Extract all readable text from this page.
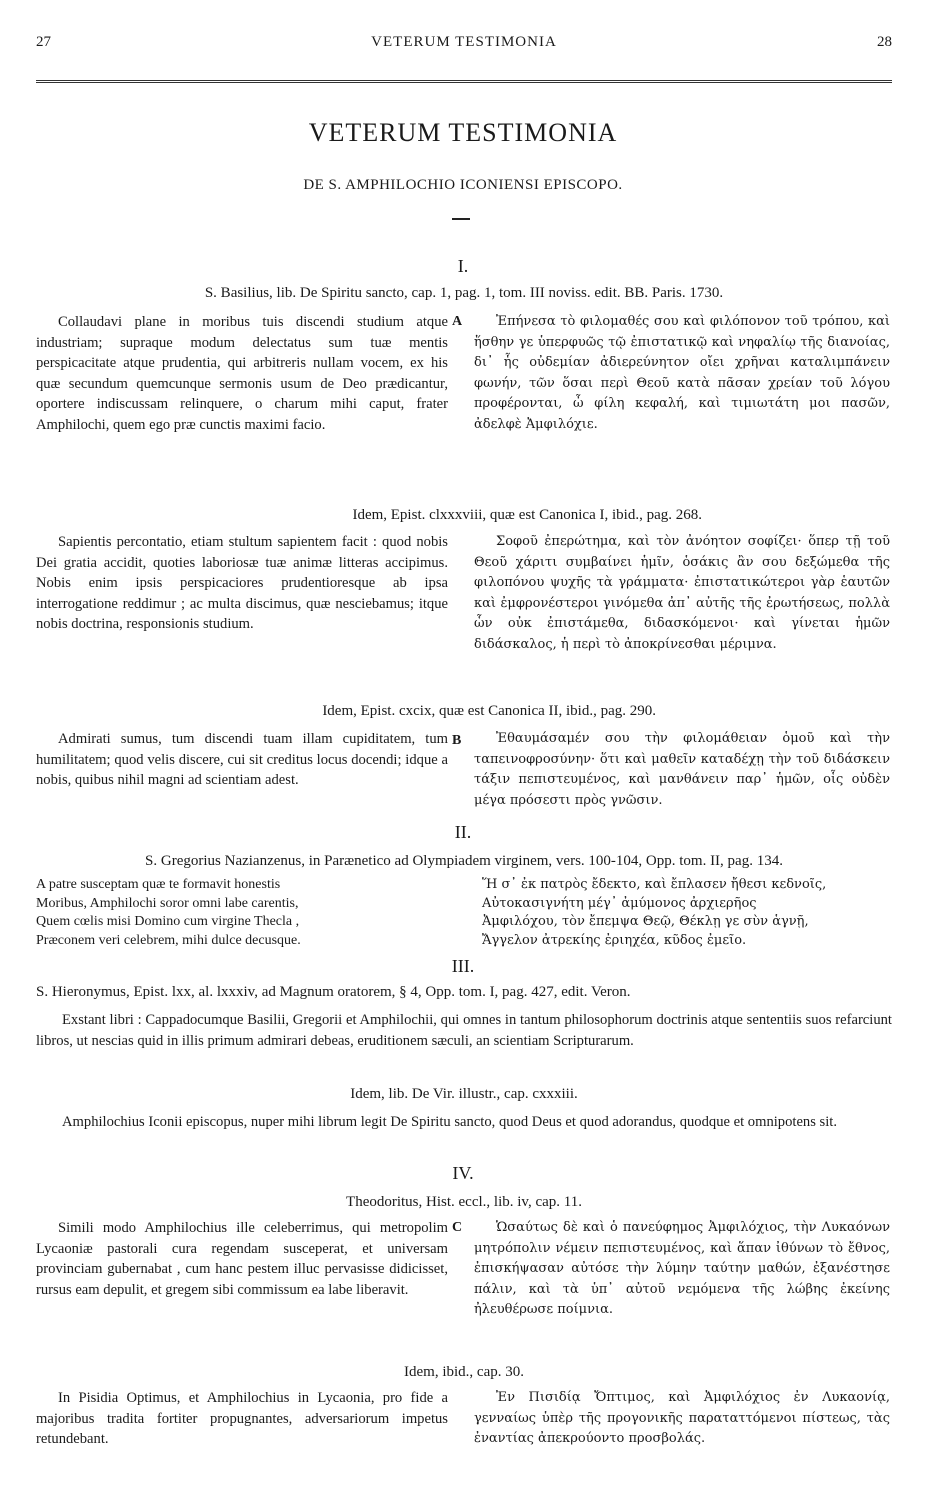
27	VETERUM TESTIMONIA	28
VETERUM TESTIMONIA
DE S. AMPHILOCHIO ICONIENSI EPISCOPO.
I.
S. Basilius, lib. De Spiritu sancto, cap. 1, pag. 1, tom. III noviss. edit. BB. Paris. 1730.
Collaudavi plane in moribus tuis discendi studium atque industriam; supraque modum delectatus sum tuæ mentis perspicacitate atque prudentia, qui arbitreris nullam vocem, ex his quæ secundum quemcunque sermonis usum de Deo prædicantur, oportere indiscussam relinquere, o charum mihi caput, frater Amphilochi, quem ego præ cunctis maximi facio.
A	Ἐπήνεσα τὸ φιλομαθές σου καὶ φιλόπονον τοῦ τρόπου, καὶ ἥσθην γε ὑπερφυῶς τῷ ἐπιστατικῷ καὶ νηφαλίῳ τῆς διανοίας, δι᾽ ἧς οὐδεμίαν ἀδιερεύνητον οἴει χρῆναι καταλιμπάνειν φωνήν, τῶν ὅσαι περὶ Θεοῦ κατὰ πᾶσαν χρείαν τοῦ λόγου προφέρονται, ὦ φίλη κεφαλή, καὶ τιμιωτάτη μοι πασῶν, ἀδελφὲ Ἀμφιλόχιε.
Idem, Epist. clxxxviii, quæ est Canonica I, ibid., pag. 268.
Sapientis percontatio, etiam stultum sapientem facit : quod nobis Dei gratia accidit, quoties laboriosæ tuæ animæ litteras accipimus. Nobis enim ipsis perspicaciores prudentioresque ab ipsa interrogatione reddimur ; ac multa discimus, quæ nesciebamus; itque nobis doctrina, responsionis studium.
Σοφοῦ ἐπερώτημα, καὶ τὸν ἀνόητον σοφίζει· ὅπερ τῇ τοῦ Θεοῦ χάριτι συμβαίνει ἡμῖν, ὁσάκις ἂν σου δεξώμεθα τῆς φιλοπόνου ψυχῆς τὰ γράμματα· ἐπιστατικώτεροι γὰρ ἑαυτῶν καὶ ἐμφρονέστεροι γινόμεθα ἀπ᾽ αὐτῆς τῆς ἐρωτήσεως, πολλὰ ὧν οὐκ ἐπιστάμεθα, διδασκόμενοι· καὶ γίνεται ἡμῶν διδάσκαλος, ἡ περὶ τὸ ἀποκρίνεσθαι μέριμνα.
Idem, Epist. cxcix, quæ est Canonica II, ibid., pag. 290.
Admirati sumus, tum discendi tuam illam cupiditatem, tum humilitatem; quod velis discere, cui sit creditus locus docendi; idque a nobis, quibus nihil magni ad scientiam adest.
B	Ἐθαυμάσαμέν σου τὴν φιλομάθειαν ὁμοῦ καὶ τὴν ταπεινοφροσύνην· ὅτι καὶ μαθεῖν καταδέχῃ τὴν τοῦ διδάσκειν τάξιν πεπιστευμένος, καὶ μανθάνειν παρ᾽ ἡμῶν, οἷς οὐδὲν μέγα πρόσεστι πρὸς γνῶσιν.
II.
S. Gregorius Nazianzenus, in Parænetico ad Olympiadem virginem, vers. 100-104, Opp. tom. II, pag. 134.
A patre susceptam quæ te formavit honestis
Moribus, Amphilochi soror omni labe carentis,
Quem cœlis misi Domino cum virgine Thecla ,
Præconem veri celebrem, mihi dulce decusque.
Ἥ σ᾽ ἐκ πατρὸς ἔδεκτο, καὶ ἔπλασεν ἤθεσι κεδνοῖς,
Αὐτοκασιγνήτη μέγ᾽ ἀμύμονος ἀρχιερῆος
Ἀμφιλόχου, τὸν ἔπεμψα Θεῷ, Θέκλῃ γε σὺν ἁγνῇ,
Ἄγγελον ἀτρεκίης ἐριηχέα, κῦδος ἐμεῖο.
III.
S. Hieronymus, Epist. lxx, al. lxxxiv, ad Magnum oratorem, § 4, Opp. tom. I, pag. 427, edit. Veron.
Exstant libri : Cappadocumque Basilii, Gregorii et Amphilochii, qui omnes in tantum philosophorum doctrinis atque sententiis suos refarciunt libros, ut nescias quid in illis primum admirari debeas, eruditionem sæculi, an scientiam Scripturarum.
Idem, lib. De Vir. illustr., cap. cxxxiii.
Amphilochius Iconii episcopus, nuper mihi librum legit De Spiritu sancto, quod Deus et quod adorandus, quodque et omnipotens sit.
IV.
Theodoritus, Hist. eccl., lib. iv, cap. 11.
Simili modo Amphilochius ille celeberrimus, qui metropolim Lycaoniæ pastorali cura regendam susceperat, et universam provinciam gubernabat , cum hanc pestem illuc pervasisse didicisset, rursus eam depulit, et gregem sibi commissum ea labe liberavit.
C	Ὡσαύτως δὲ καὶ ὁ πανεύφημος Ἀμφιλόχιος, τὴν Λυκαόνων μητρόπολιν νέμειν πεπιστευμένος, καὶ ἅπαν ἰθύνων τὸ ἔθνος, ἐπισκήψασαν αὐτόσε τὴν λύμην ταύτην μαθών, ἐξανέστησε πάλιν, καὶ τὰ ὑπ᾽ αὐτοῦ νεμόμενα τῆς λώβης ἐκείνης ἠλευθέρωσε ποίμνια.
Idem, ibid., cap. 30.
In Pisidia Optimus, et Amphilochius in Lycaonia, pro fide a majoribus tradita fortiter propugnantes, adversariorum impetus retundebant.
Ἐν Πισιδίᾳ Ὄπτιμος, καὶ Ἀμφιλόχιος ἐν Λυκαονίᾳ, γενναίως ὑπὲρ τῆς προγονικῆς παραταττόμενοι πίστεως, τὰς ἐναντίας ἀπεκρούοντο προσβολάς.
